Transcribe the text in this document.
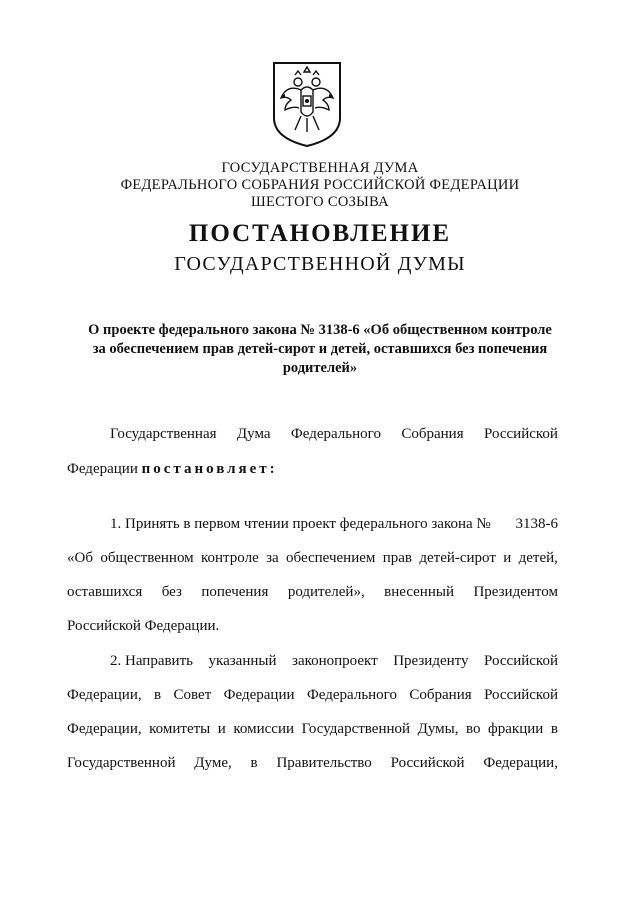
ГОСУДАРСТВЕННАЯ ДУМА
ФЕДЕРАЛЬНОГО СОБРАНИЯ РОССИЙСКОЙ ФЕДЕРАЦИИ
ШЕСТОГО СОЗЫВА
ПОСТАНОВЛЕНИЕ
ГОСУДАРСТВЕННОЙ ДУМЫ
О проекте федерального закона № 3138-6 «Об общественном контроле
за обеспечением прав детей-сирот и детей, оставшихся без попечения
родителей»
Государственная Дума Федерального Собрания Российской
Федерации постановляет:
1. Принять в первом чтении проект федерального закона № 3138-6
«Об общественном контроле за обеспечением прав детей-сирот и детей,
оставшихся без попечения родителей», внесенный Президентом
Российской Федерации.
2. Направить указанный законопроект Президенту Российской
Федерации, в Совет Федерации Федерального Собрания Российской
Федерации, комитеты и комиссии Государственной Думы, во фракции в
Государственной Думе, в Правительство Российской Федерации,
